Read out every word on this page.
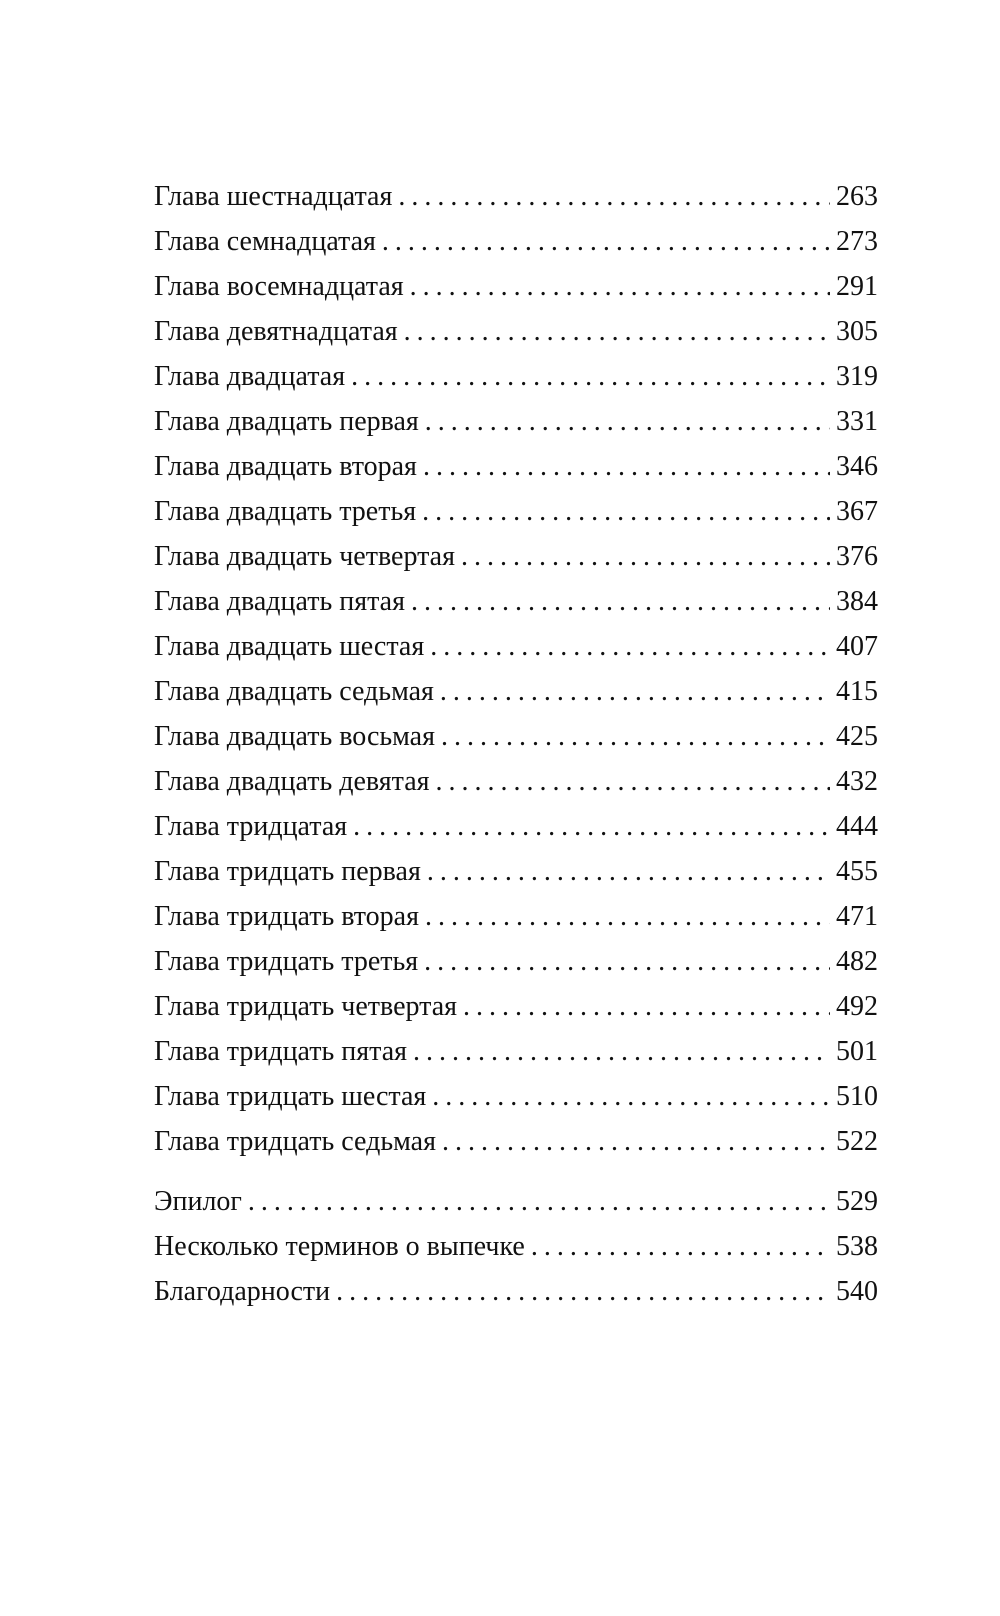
Глава шестнадцатая . . .	263
Глава семнадцатая . . .	273
Глава восемнадцатая . . .	291
Глава девятнадцатая . . .	305
Глава двадцатая . . .	319
Глава двадцать первая . . .	331
Глава двадцать вторая . . .	346
Глава двадцать третья . . .	367
Глава двадцать четвертая . . .	376
Глава двадцать пятая . . .	384
Глава двадцать шестая . . .	407
Глава двадцать седьмая . . .	415
Глава двадцать восьмая . . .	425
Глава двадцать девятая . . .	432
Глава тридцатая . . .	444
Глава тридцать первая . . .	455
Глава тридцать вторая . . .	471
Глава тридцать третья . . .	482
Глава тридцать четвертая . . .	492
Глава тридцать пятая . . .	501
Глава тридцать шестая . . .	510
Глава тридцать седьмая . . .	522
Эпилог . . .	529
Несколько терминов о выпечке . . .	538
Благодарности . . .	540
